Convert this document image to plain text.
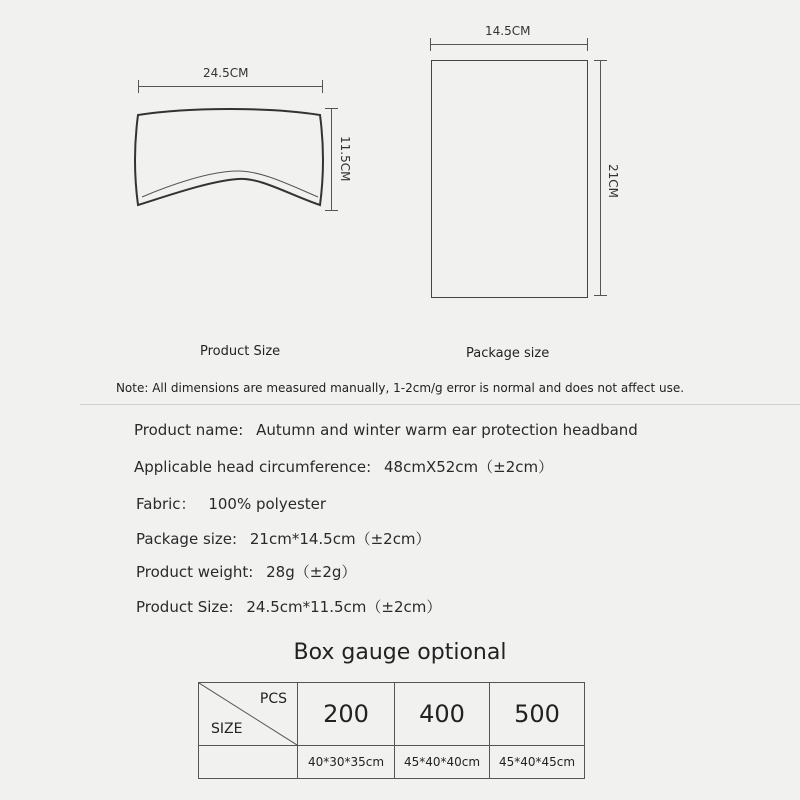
24.5CM
11.5CM
Product Size
14.5CM
21CM
Package size
Note: All dimensions are measured manually, 1-2cm/g error is normal and does not affect use.
Product name: Autumn and winter warm ear protection headband
Applicable head circumference: 48cmX52cm（±2cm）
Fabric： 100% polyester
Package size: 21cm*14.5cm（±2cm）
Product weight: 28g（±2g）
Product Size: 24.5cm*11.5cm（±2cm）
Box gauge optional
PCS
SIZE	200	400	500
	40*30*35cm	45*40*40cm	45*40*45cm
